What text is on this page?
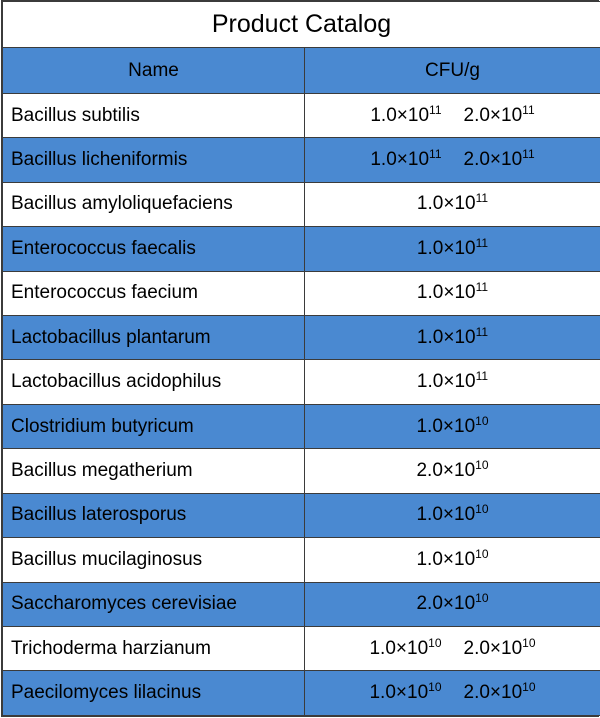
Product Catalog	
Name	CFU/g
Bacillus subtilis	$1.0\times 10^{11}$ $2.0\times 10^{11}$
Bacillus licheniformis	$1.0\times 10^{11}$ $2.0\times 10^{11}$
Bacillus amyloliquefaciens	$1.0\times 10^{11}$
Enterococcus faecalis	$1.0\times 10^{11}$
Enterococcus faecium	$1.0\times 10^{11}$
Lactobacillus plantarum	$1.0\times 10^{11}$
Lactobacillus acidophilus	$1.0\times 10^{11}$
Clostridium butyricum	$1.0\times 10^{10}$
Bacillus megatherium	$2.0\times 10^{10}$
Bacillus laterosporus	$1.0\times 10^{10}$
Bacillus mucilaginosus	$1.0\times 10^{10}$
Saccharomyces cerevisiae	$2.0\times 10^{10}$
Trichoderma harzianum	$1.0\times 10^{10}$ $2.0\times 10^{10}$
Paecilomyces lilacinus	$1.0\times 10^{10}$ $2.0\times 10^{10}$
